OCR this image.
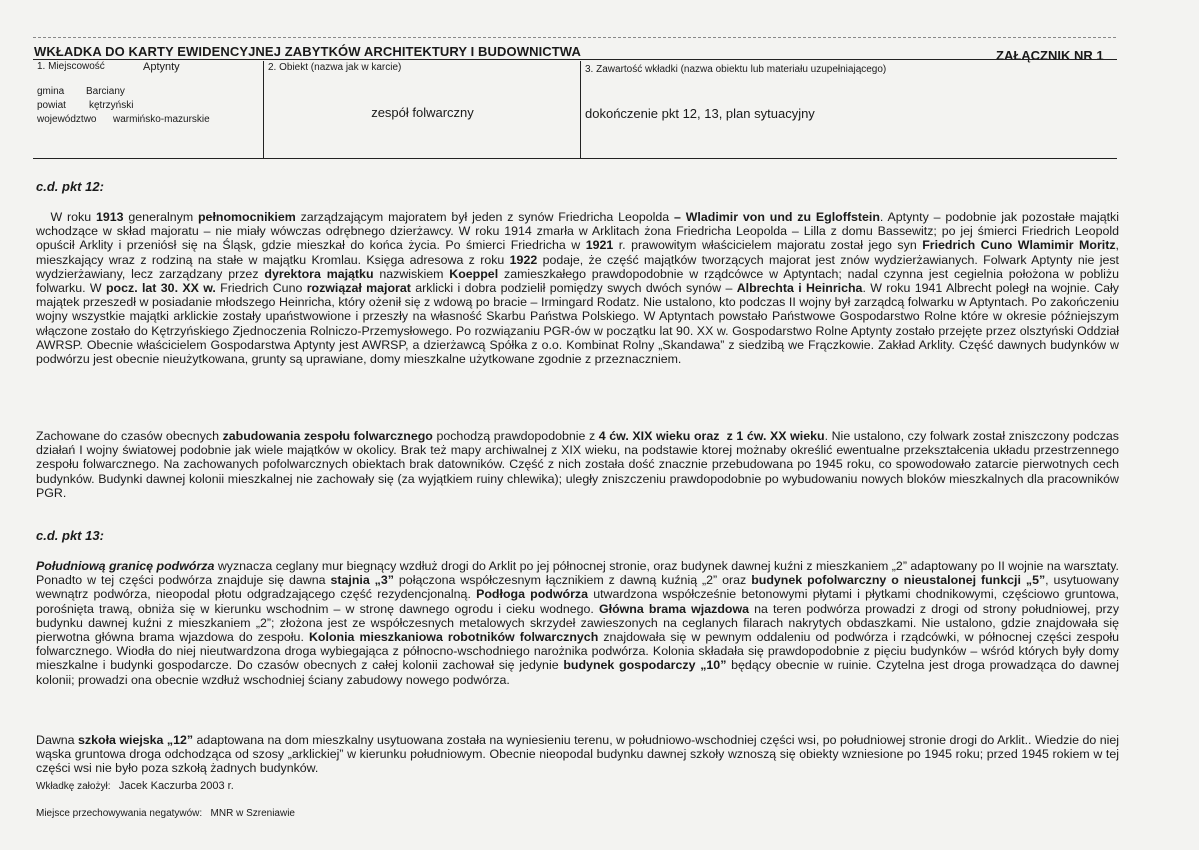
WKŁADKA DO KARTY EWIDENCYJNEJ ZABYTKÓW ARCHITEKTURY I BUDOWNICTWA	ZAŁĄCZNIK NR 1
1. Miejscowość	Aptynty
gmina Barciany
powiat kętrzyński
województwo warmińsko-mazurskie
2. Obiekt (nazwa jak w karcie)
zespół folwarczny
3. Zawartość wkładki (nazwa obiektu lub materiału uzupełniającego)
dokończenie pkt 12, 13, plan sytuacyjny
c.d. pkt 12:
W roku 1913 generalnym pełnomocnikiem zarządzającym majoratem był jeden z synów Friedricha Leopolda – Wladimir von und zu Egloffstein. Aptynty – podobnie jak pozostałe majątki wchodzące w skład majoratu – nie miały wówczas odrębnego dzierżawcy. W roku 1914 zmarła w Arklitach żona Friedricha Leopolda – Lilla z domu Bassewitz; po jej śmierci Friedrich Leopold opuścił Arklity i przeniósł się na Śląsk, gdzie mieszkał do końca życia. Po śmierci Friedricha w 1921 r. prawowitym właścicielem majoratu został jego syn Friedrich Cuno Wlamimir Moritz, mieszkający wraz z rodziną na stałe w majątku Kromlau. Księga adresowa z roku 1922 podaje, że część majątków tworzących majorat jest znów wydzierżawianych. Folwark Aptynty nie jest wydzierżawiany, lecz zarządzany przez dyrektora majątku nazwiskiem Koeppel zamieszkałego prawdopodobnie w rządcówce w Aptyntach; nadal czynna jest cegielnia położona w pobliżu folwarku. W pocz. lat 30. XX w. Friedrich Cuno rozwiązał majorat arklicki i dobra podzielił pomiędzy swych dwóch synów – Albrechta i Heinricha. W roku 1941 Albrecht poległ na wojnie. Cały majątek przeszedł w posiadanie młodszego Heinricha, który ożenił się z wdową po bracie – Irmingard Rodatz. Nie ustalono, kto podczas II wojny był zarządcą folwarku w Aptyntach. Po zakończeniu wojny wszystkie majątki arklickie zostały upaństwowione i przeszły na własność Skarbu Państwa Polskiego. W Aptyntach powstało Państwowe Gospodarstwo Rolne które w okresie późniejszym włączone zostało do Kętrzyńskiego Zjednoczenia Rolniczo-Przemysłowego. Po rozwiązaniu PGR-ów w początku lat 90. XX w. Gospodarstwo Rolne Aptynty zostało przejęte przez olsztyński Oddział AWRSP. Obecnie właścicielem Gospodarstwa Aptynty jest AWRSP, a dzierżawcą Spółka z o.o. Kombinat Rolny „Skandawa” z siedzibą we Frączkowie. Zakład Arklity. Część dawnych budynków w podwórzu jest obecnie nieużytkowana, grunty są uprawiane, domy mieszkalne użytkowane zgodnie z przeznaczniem.
Zachowane do czasów obecnych zabudowania zespołu folwarcznego pochodzą prawdopodobnie z 4 ćw. XIX wieku oraz  z 1 ćw. XX wieku. Nie ustalono, czy folwark został zniszczony podczas działań I wojny światowej podobnie jak wiele majątków w okolicy. Brak też mapy archiwalnej z XIX wieku, na podstawie ktorej możnaby określić ewentualne przekształcenia układu przestrzennego zespołu folwarcznego. Na zachowanych pofolwarcznych obiektach brak datowników. Część z nich została dość znacznie przebudowana po 1945 roku, co spowodowało zatarcie pierwotnych cech budynków. Budynki dawnej kolonii mieszkalnej nie zachowały się (za wyjątkiem ruiny chlewika); uległy zniszczeniu prawdopodobnie po wybudowaniu nowych bloków mieszkalnych dla pracowników PGR.
c.d. pkt 13:
Południową granicę podwórza wyznacza ceglany mur biegnący wzdłuż drogi do Arklit po jej północnej stronie, oraz budynek dawnej kuźni z mieszkaniem „2” adaptowany po II wojnie na warsztaty. Ponadto w tej części podwórza znajduje się dawna stajnia „3” połączona współczesnym łącznikiem z dawną kuźnią „2” oraz budynek pofolwarczny o nieustalonej funkcji „5”, usytuowany wewnątrz podwórza, nieopodal płotu odgradzającego część rezydencjonalną. Podłoga podwórza utwardzona współcześnie betonowymi płytami i płytkami chodnikowymi, częściowo gruntowa, porośnięta trawą, obniża się w kierunku wschodnim – w stronę dawnego ogrodu i cieku wodnego. Główna brama wjazdowa na teren podwórza prowadzi z drogi od strony południowej, przy budynku dawnej kuźni z mieszkaniem „2”; złożona jest ze współczesnych metalowych skrzydeł zawieszonych na ceglanych filarach nakrytych obdaszkami. Nie ustalono, gdzie znajdowała się pierwotna główna brama wjazdowa do zespołu. Kolonia mieszkaniowa robotników folwarcznych znajdowała się w pewnym oddaleniu od podwórza i rządcówki, w północnej części zespołu folwarcznego. Wiodła do niej nieutwardzona droga wybiegająca z północno-wschodniego narożnika podwórza. Kolonia składała się prawdopodobnie z pięciu budynków – wśród których były domy mieszkalne i budynki gospodarcze. Do czasów obecnych z całej kolonii zachował się jedynie budynek gospodarczy „10” będący obecnie w ruinie. Czytelna jest droga prowadząca do dawnej kolonii; prowadzi ona obecnie wzdłuż wschodniej ściany zabudowy nowego podwórza.
Dawna szkoła wiejska „12” adaptowana na dom mieszkalny usytuowana została na wyniesieniu terenu, w południowo-wschodniej części wsi, po południowej stronie drogi do Arklit.. Wiedzie do niej wąska gruntowa droga odchodząca od szosy „arklickiej” w kierunku południowym. Obecnie nieopodal budynku dawnej szkoły wznoszą się obiekty wzniesione po 1945 roku; przed 1945 rokiem w tej części wsi nie było poza szkołą żadnych budynków.
Wkładkę założył: Jacek Kaczurba 2003 r.
Miejsce przechowywania negatywów: MNR w Szreniawie
